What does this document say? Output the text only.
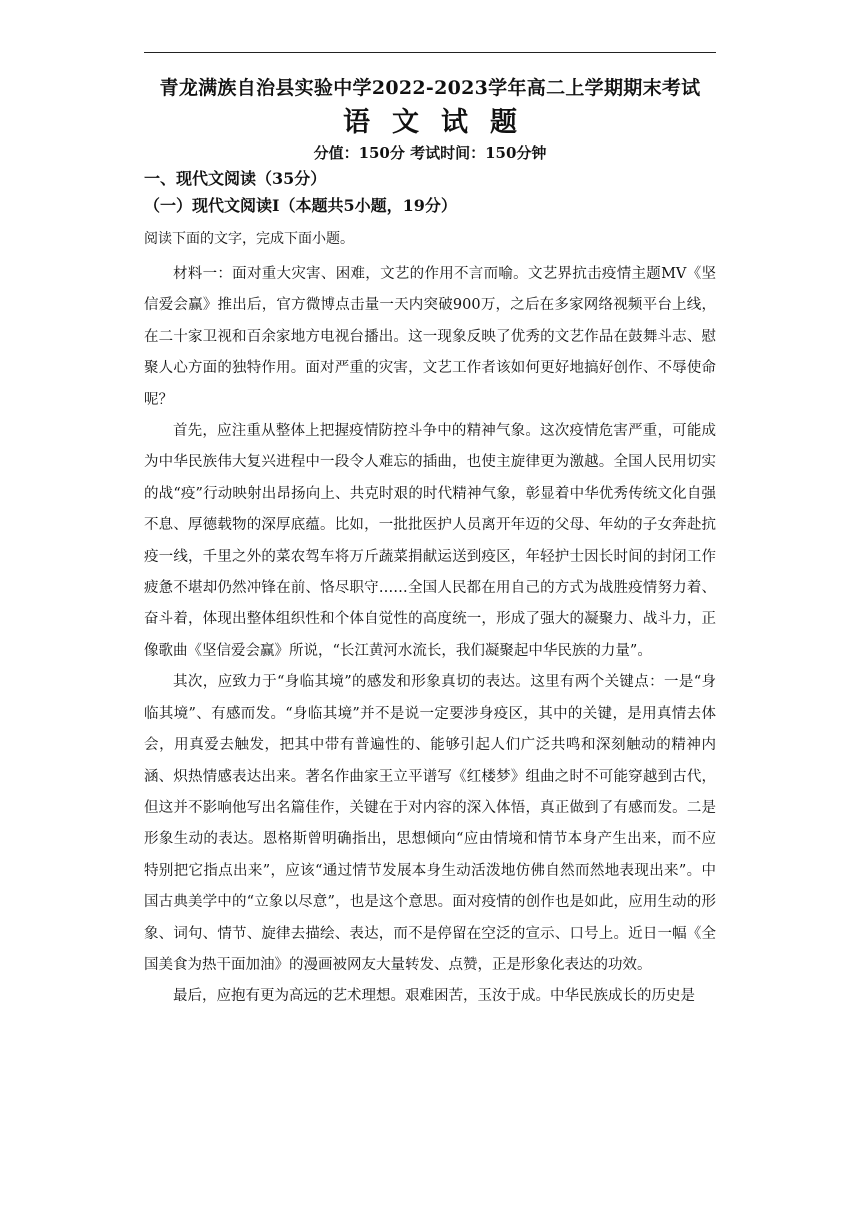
青龙满族自治县实验中学2022-2023学年高二上学期期末考试
语文试题
分值：150分 考试时间：150分钟
一、现代文阅读（35分）
（一）现代文阅读Ⅰ（本题共5小题，19分）
阅读下面的文字，完成下面小题。

材料一：面对重大灾害、困难，文艺的作用不言而喻。文艺界抗击疫情主题MV《坚信爱会赢》推出后，官方微博点击量一天内突破900万，之后在多家网络视频平台上线，在二十家卫视和百余家地方电视台播出。这一现象反映了优秀的文艺作品在鼓舞斗志、慰聚人心方面的独特作用。面对严重的灾害，文艺工作者该如何更好地搞好创作、不辱使命呢？

首先，应注重从整体上把握疫情防控斗争中的精神气象。这次疫情危害严重，可能成为中华民族伟大复兴进程中一段令人难忘的插曲，也使主旋律更为激越。全国人民用切实的战“疫”行动映射出昂扬向上、共克时艰的时代精神气象，彰显着中华优秀传统文化自强不息、厚德载物的深厚底蕴。比如，一批批医护人员离开年迈的父母、年幼的子女奔赴抗疫一线，千里之外的菜农驾车将万斤蔬菜捐献运送到疫区，年轻护士因长时间的封闭工作疲惫不堪却仍然冲锋在前、恪尽职守……全国人民都在用自己的方式为战胜疫情努力着、奋斗着，体现出整体组织性和个体自觉性的高度统一，形成了强大的凝聚力、战斗力，正像歌曲《坚信爱会赢》所说，“长江黄河水流长，我们凝聚起中华民族的力量”。

其次，应致力于“身临其境”的感发和形象真切的表达。这里有两个关键点：一是“身临其境”、有感而发。“身临其境”并不是说一定要涉身疫区，其中的关键，是用真情去体会，用真爱去触发，把其中带有普遍性的、能够引起人们广泛共鸣和深刻触动的精神内涵、炽热情感表达出来。著名作曲家王立平谱写《红楼梦》组曲之时不可能穿越到古代，但这并不影响他写出名篇佳作，关键在于对内容的深入体悟，真正做到了有感而发。二是形象生动的表达。恩格斯曾明确指出，思想倾向“应由情境和情节本身产生出来，而不应特别把它指点出来”，应该“通过情节发展本身生动活泼地仿佛自然而然地表现出来”。中国古典美学中的“立象以尽意”，也是这个意思。面对疫情的创作也是如此，应用生动的形象、词句、情节、旋律去描绘、表达，而不是停留在空泛的宣示、口号上。近日一幅《全国美食为热干面加油》的漫画被网友大量转发、点赞，正是形象化表达的功效。

最后，应抱有更为高远的艺术理想。艰难困苦，玉汝于成。中华民族成长的历史是
